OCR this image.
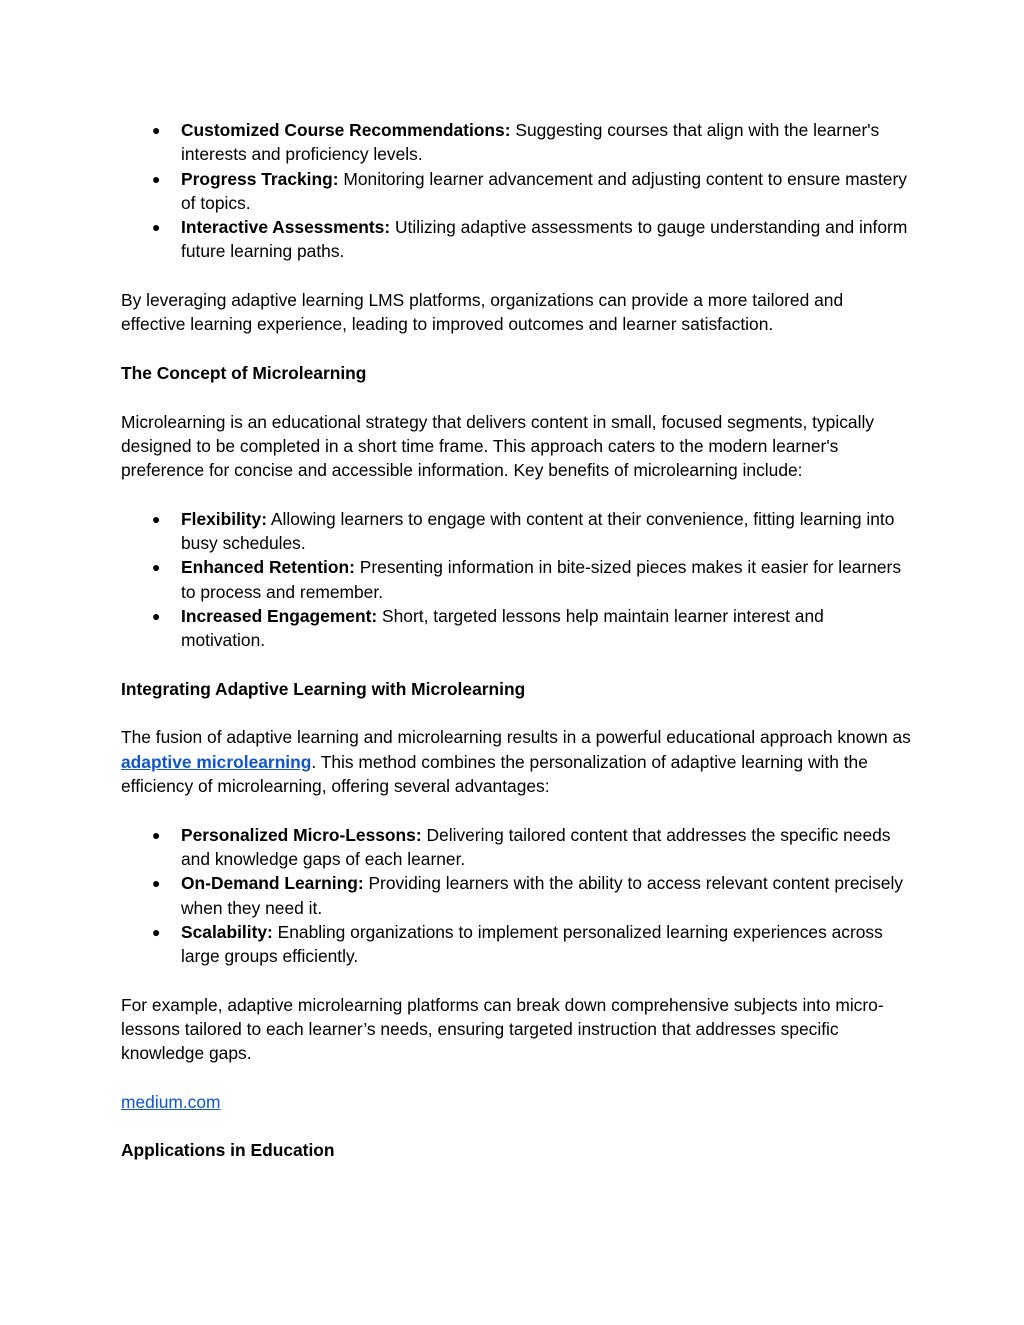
● Customized Course Recommendations: Suggesting courses that align with the learner's interests and proficiency levels.
● Progress Tracking: Monitoring learner advancement and adjusting content to ensure mastery of topics.
● Interactive Assessments: Utilizing adaptive assessments to gauge understanding and inform future learning paths.

By leveraging adaptive learning LMS platforms, organizations can provide a more tailored and effective learning experience, leading to improved outcomes and learner satisfaction.

The Concept of Microlearning

Microlearning is an educational strategy that delivers content in small, focused segments, typically designed to be completed in a short time frame. This approach caters to the modern learner's preference for concise and accessible information. Key benefits of microlearning include:

● Flexibility: Allowing learners to engage with content at their convenience, fitting learning into busy schedules.
● Enhanced Retention: Presenting information in bite-sized pieces makes it easier for learners to process and remember.
● Increased Engagement: Short, targeted lessons help maintain learner interest and motivation.
Integrating Adaptive Learning with Microlearning

The fusion of adaptive learning and microlearning results in a powerful educational approach known as adaptive microlearning. This method combines the personalization of adaptive learning with the efficiency of microlearning, offering several advantages:

● Personalized Micro-Lessons: Delivering tailored content that addresses the specific needs and knowledge gaps of each learner.
● On-Demand Learning: Providing learners with the ability to access relevant content precisely when they need it.
● Scalability: Enabling organizations to implement personalized learning experiences across large groups efficiently.

For example, adaptive microlearning platforms can break down comprehensive subjects into micro-lessons tailored to each learner’s needs, ensuring targeted instruction that addresses specific knowledge gaps.

medium.com

Applications in Education
